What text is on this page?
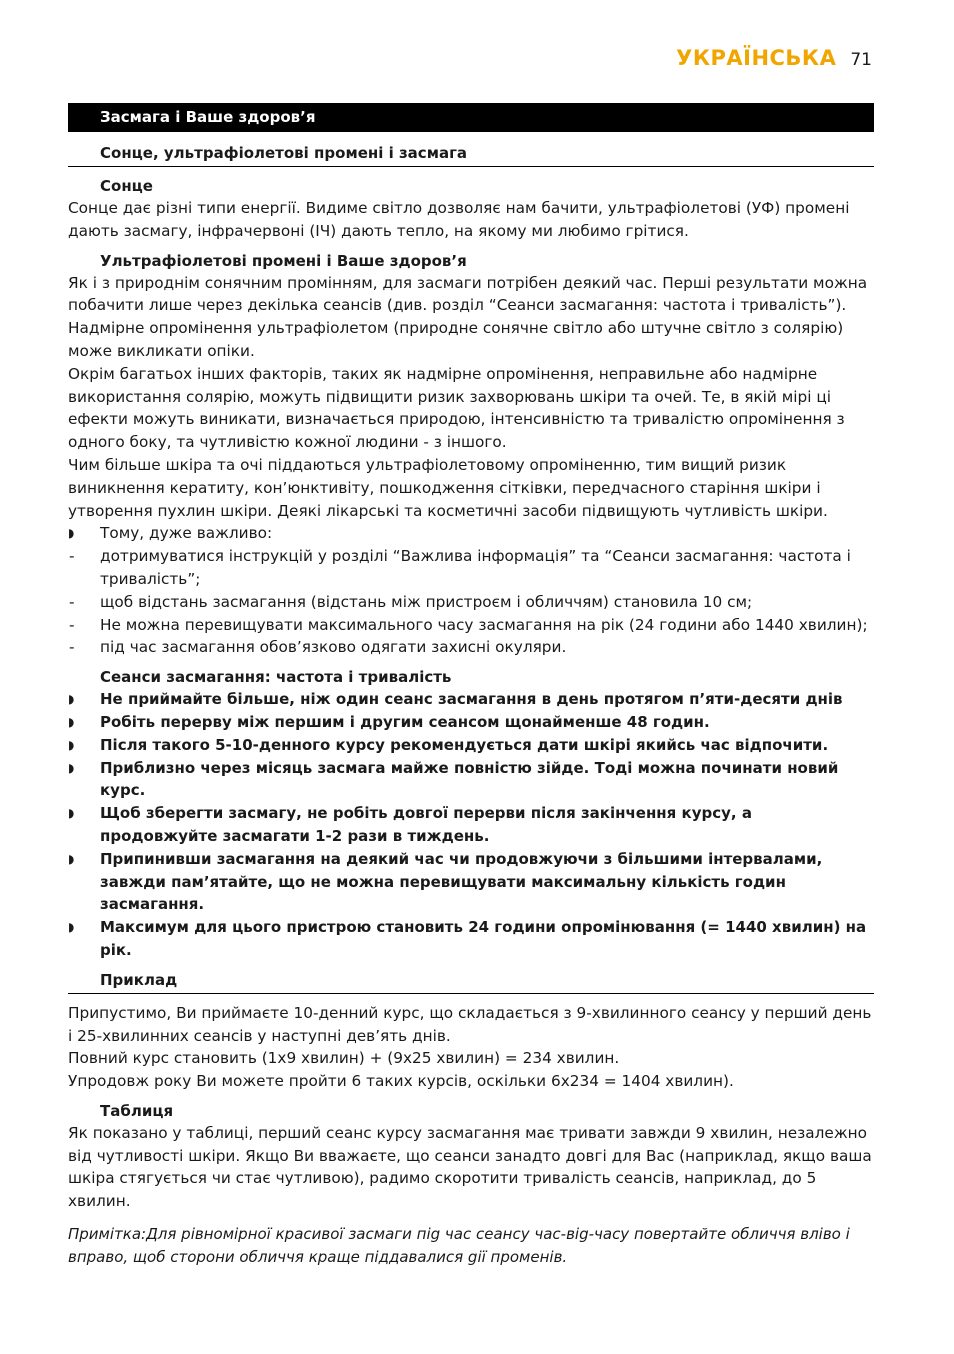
УКРАЇНСЬКА 71
Засмага і Ваше здоров’я
Сонце, ультрафіолетові промені і засмага
Сонце

Сонце дає різні типи енергії. Видиме світло дозволяє нам бачити, ультрафіолетові (УФ) промені дають засмагу, інфрачервоні (ІЧ) дають тепло, на якому ми любимо грітися.

Ультрафіолетові промені і Ваше здоров’я

Як і з природнім сонячним промінням, для засмаги потрібен деякий час. Перші результати можна побачити лише через декілька сеансів (див. розділ “Сеанси засмагання: частота і тривалість”).

Надмірне опромінення ультрафіолетом (природне сонячне світло або штучне світло з солярію) може викликати опіки.

Окрім багатьох інших факторів, таких як надмірне опромінення, неправильне або надмірне використання солярію, можуть підвищити ризик захворювань шкіри та очей. Те, в якій мірі ці ефекти можуть виникати, визначається природою, інтенсивністю та тривалістю опромінення з одного боку, та чутливістю кожної людини - з іншого.

Чим більше шкіра та очі піддаються ультрафіолетовому опроміненню, тим вищий ризик виникнення кератиту, кон’юнктивіту, пошкодження сітківки, передчасного старіння шкіри і утворення пухлин шкіри. Деякі лікарські та косметичні засоби підвищують чутливість шкіри.

◗	Тому, дуже важливо:
-	дотримуватися інструкцій у розділі “Важлива інформація” та “Сеанси засмагання: частота і тривалість”;
-	щоб відстань засмагання (відстань між пристроєм і обличчям) становила 10 см;
-	Не можна перевищувати максимального часу засмагання на рік (24 години або 1440 хвилин);
-	під час засмагання обов’язково одягати захисні окуляри.
Сеанси засмагання: частота і тривалість
◗	Не приймайте більше, ніж один сеанс засмагання в день протягом п’яти-десяти днів
◗	Робіть перерву між першим і другим сеансом щонайменше 48 годин.
◗	Після такого 5-10-денного курсу рекомендується дати шкірі якийсь час відпочити.
◗	Приблизно через місяць засмага майже повністю зійде. Тоді можна починати новий курс.
◗	Щоб зберегти засмагу, не робіть довгої перерви після закінчення курсу, а продовжуйте засмагати 1-2 рази в тиждень.
◗	Припинивши засмагання на деякий час чи продовжуючи з більшими інтервалами, завжди пам’ятайте, що не можна перевищувати максимальну кількість годин засмагання.
◗	Максимум для цього пристрою становить 24 години опромінювання (= 1440 хвилин) на рік.
Приклад

Припустимо, Ви приймаєте 10-денний курс, що складається з 9-хвилинного сеансу у перший день і 25-хвилинних сеансів у наступні дев’ять днів.

Повний курс становить (1x9 хвилин) + (9x25 хвилин) = 234 хвилин.

Упродовж року Ви можете пройти 6 таких курсів, оскільки 6x234 = 1404 хвилин).

Таблиця

Як показано у таблиці, перший сеанс курсу засмагання має тривати завжди 9 хвилин, незалежно від чутливості шкіри. Якщо Ви вважаєте, що сеанси занадто довгі для Вас (наприклад, якщо ваша шкіра стягується чи стає чутливою), радимо скоротити тривалість сеансів, наприклад, до 5 хвилин.

Примітка:Для рівномірної красивої засмаги піg час сеансу час-віg-часу повертайте обличчя вліво і вправо, щоб сторони обличчя краще піддавалися gії променів.
